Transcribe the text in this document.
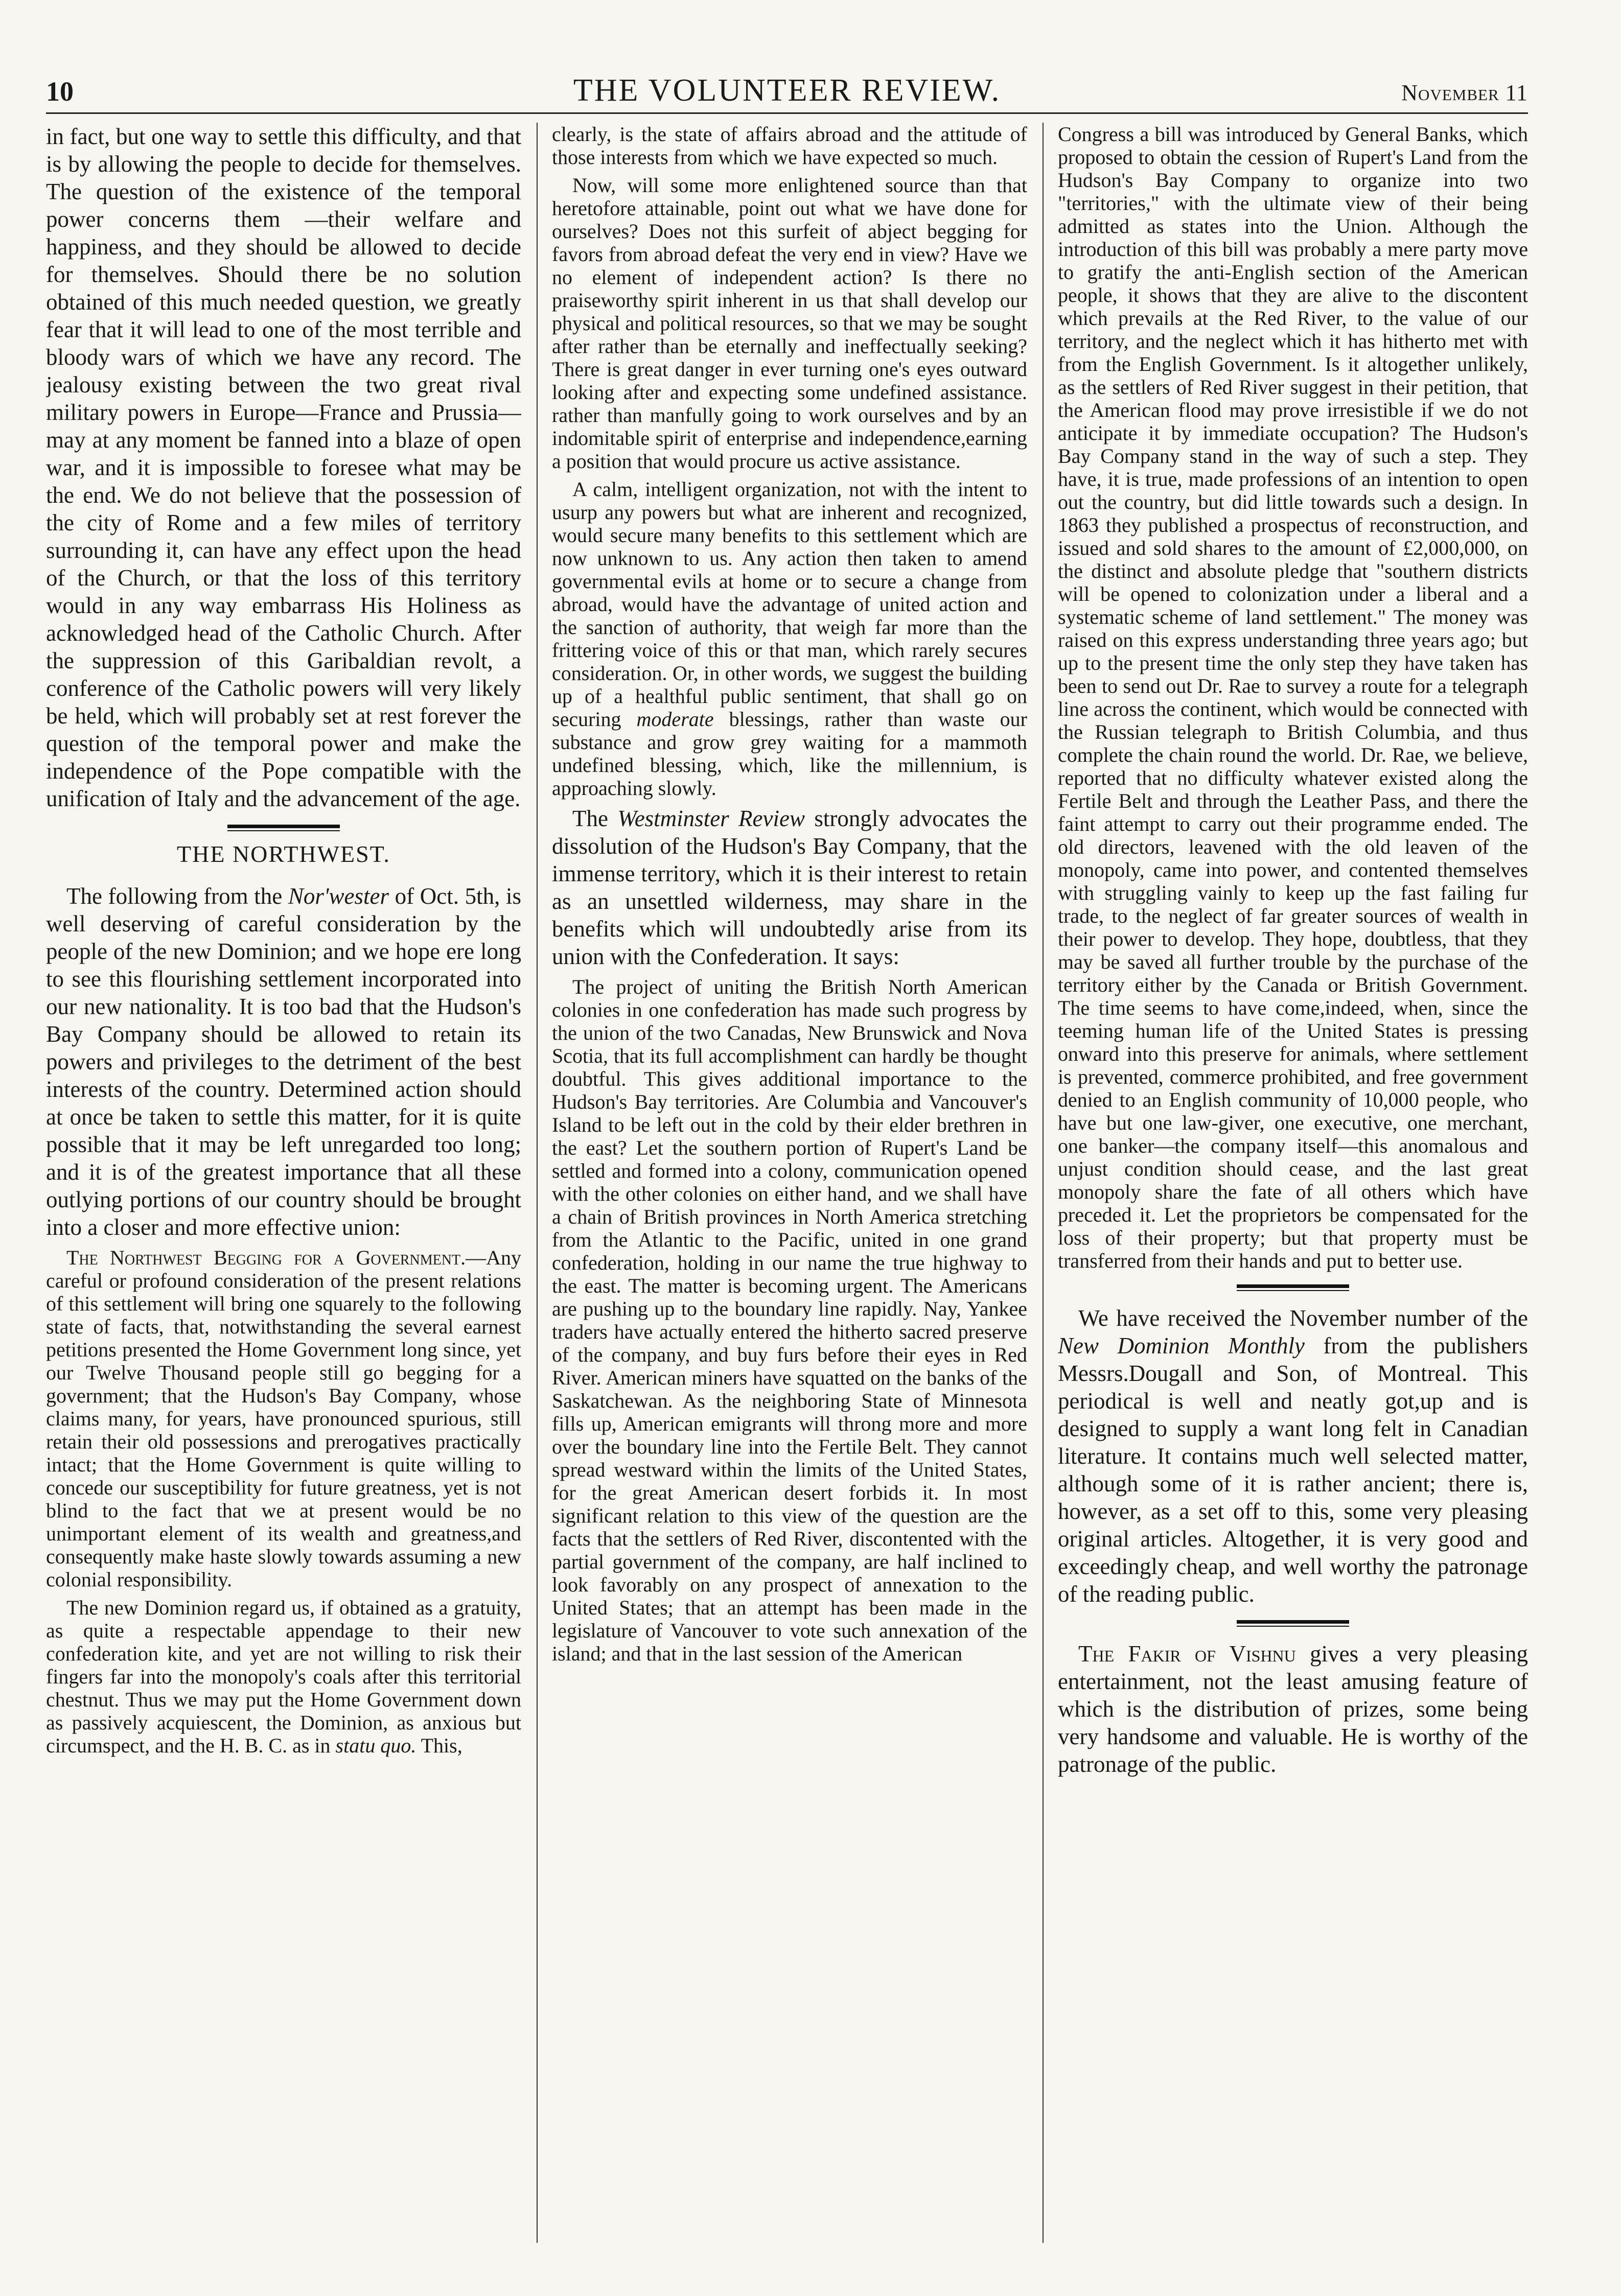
10	THE VOLUNTEER REVIEW.	November 11

in fact, but one way to settle this difficulty, and that is by allowing the people to decide for themselves. The question of the existence of the temporal power concerns them —their welfare and happiness, and they should be allowed to decide for themselves. Should there be no solution obtained of this much needed question, we greatly fear that it will lead to one of the most terrible and bloody wars of which we have any record. The jealousy existing between the two great rival military powers in Europe—France and Prussia—may at any moment be fanned into a blaze of open war, and it is impossible to foresee what may be the end. We do not believe that the possession of the city of Rome and a few miles of territory surrounding it, can have any effect upon the head of the Church, or that the loss of this territory would in any way embarrass His Holiness as acknowledged head of the Catholic Church. After the suppression of this Garibaldian revolt, a conference of the Catholic powers will very likely be held, which will probably set at rest forever the question of the temporal power and make the independence of the Pope compatible with the unification of Italy and the advancement of the age.

THE NORTHWEST.

The following from the Nor'wester of Oct. 5th, is well deserving of careful consideration by the people of the new Dominion; and we hope ere long to see this flourishing settlement incorporated into our new nationality. It is too bad that the Hudson's Bay Company should be allowed to retain its powers and privileges to the detriment of the best interests of the country. Determined action should at once be taken to settle this matter, for it is quite possible that it may be left unregarded too long; and it is of the greatest importance that all these outlying portions of our country should be brought into a closer and more effective union:

The Northwest Begging for a Government.—Any careful or profound consideration of the present relations of this settlement will bring one squarely to the following state of facts, that, notwithstanding the several earnest petitions presented the Home Government long since, yet our Twelve Thousand people still go begging for a government; that the Hudson's Bay Company, whose claims many, for years, have pronounced spurious, still retain their old possessions and prerogatives practically intact; that the Home Government is quite willing to concede our susceptibility for future greatness, yet is not blind to the fact that we at present would be no unimportant element of its wealth and greatness,and consequently make haste slowly towards assuming a new colonial responsibility.

The new Dominion regard us, if obtained as a gratuity, as quite a respectable appendage to their new confederation kite, and yet are not willing to risk their fingers far into the monopoly's coals after this territorial chestnut. Thus we may put the Home Government down as passively acquiescent, the Dominion, as anxious but circumspect, and the H. B. C. as in statu quo. This,

clearly, is the state of affairs abroad and the attitude of those interests from which we have expected so much.

Now, will some more enlightened source than that heretofore attainable, point out what we have done for ourselves? Does not this surfeit of abject begging for favors from abroad defeat the very end in view? Have we no element of independent action? Is there no praiseworthy spirit inherent in us that shall develop our physical and political resources, so that we may be sought after rather than be eternally and ineffectually seeking? There is great danger in ever turning one's eyes outward looking after and expecting some undefined assistance. rather than manfully going to work ourselves and by an indomitable spirit of enterprise and independence,earning a position that would procure us active assistance.

A calm, intelligent organization, not with the intent to usurp any powers but what are inherent and recognized, would secure many benefits to this settlement which are now unknown to us. Any action then taken to amend governmental evils at home or to secure a change from abroad, would have the advantage of united action and the sanction of authority, that weigh far more than the frittering voice of this or that man, which rarely secures consideration. Or, in other words, we suggest the building up of a healthful public sentiment, that shall go on securing moderate blessings, rather than waste our substance and grow grey waiting for a mammoth undefined blessing, which, like the millennium, is approaching slowly.

The Westminster Review strongly advocates the dissolution of the Hudson's Bay Company, that the immense territory, which it is their interest to retain as an unsettled wilderness, may share in the benefits which will undoubtedly arise from its union with the Confederation. It says:

The project of uniting the British North American colonies in one confederation has made such progress by the union of the two Canadas, New Brunswick and Nova Scotia, that its full accomplishment can hardly be thought doubtful. This gives additional importance to the Hudson's Bay territories. Are Columbia and Vancouver's Island to be left out in the cold by their elder brethren in the east? Let the southern portion of Rupert's Land be settled and formed into a colony, communication opened with the other colonies on either hand, and we shall have a chain of British provinces in North America stretching from the Atlantic to the Pacific, united in one grand confederation, holding in our name the true highway to the east. The matter is becoming urgent. The Americans are pushing up to the boundary line rapidly. Nay, Yankee traders have actually entered the hitherto sacred preserve of the company, and buy furs before their eyes in Red River. American miners have squatted on the banks of the Saskatchewan. As the neighboring State of Minnesota fills up, American emigrants will throng more and more over the boundary line into the Fertile Belt. They cannot spread westward within the limits of the United States, for the great American desert forbids it. In most significant relation to this view of the question are the facts that the settlers of Red River, discontented with the partial government of the company, are half inclined to look favorably on any prospect of annexation to the United States; that an attempt has been made in the legislature of Vancouver to vote such annexation of the island; and that in the last session of the American

Congress a bill was introduced by General Banks, which proposed to obtain the cession of Rupert's Land from the Hudson's Bay Company to organize into two "territories," with the ultimate view of their being admitted as states into the Union. Although the introduction of this bill was probably a mere party move to gratify the anti-English section of the American people, it shows that they are alive to the discontent which prevails at the Red River, to the value of our territory, and the neglect which it has hitherto met with from the English Government. Is it altogether unlikely, as the settlers of Red River suggest in their petition, that the American flood may prove irresistible if we do not anticipate it by immediate occupation? The Hudson's Bay Company stand in the way of such a step. They have, it is true, made professions of an intention to open out the country, but did little towards such a design. In 1863 they published a prospectus of reconstruction, and issued and sold shares to the amount of £2,000,000, on the distinct and absolute pledge that "southern districts will be opened to colonization under a liberal and a systematic scheme of land settlement." The money was raised on this express understanding three years ago; but up to the present time the only step they have taken has been to send out Dr. Rae to survey a route for a telegraph line across the continent, which would be connected with the Russian telegraph to British Columbia, and thus complete the chain round the world. Dr. Rae, we believe, reported that no difficulty whatever existed along the Fertile Belt and through the Leather Pass, and there the faint attempt to carry out their programme ended. The old directors, leavened with the old leaven of the monopoly, came into power, and contented themselves with struggling vainly to keep up the fast failing fur trade, to the neglect of far greater sources of wealth in their power to develop. They hope, doubtless, that they may be saved all further trouble by the purchase of the territory either by the Canada or British Government. The time seems to have come,indeed, when, since the teeming human life of the United States is pressing onward into this preserve for animals, where settlement is prevented, commerce prohibited, and free government denied to an English community of 10,000 people, who have but one law-giver, one executive, one merchant, one banker—the company itself—this anomalous and unjust condition should cease, and the last great monopoly share the fate of all others which have preceded it. Let the proprietors be compensated for the loss of their property; but that property must be transferred from their hands and put to better use.

We have received the November number of the New Dominion Monthly from the publishers Messrs.Dougall and Son, of Montreal. This periodical is well and neatly got,up and is designed to supply a want long felt in Canadian literature. It contains much well selected matter, although some of it is rather ancient; there is, however, as a set off to this, some very pleasing original articles. Altogether, it is very good and exceedingly cheap, and well worthy the patronage of the reading public.

The Fakir of Vishnu gives a very pleasing entertainment, not the least amusing feature of which is the distribution of prizes, some being very handsome and valuable. He is worthy of the patronage of the public.
